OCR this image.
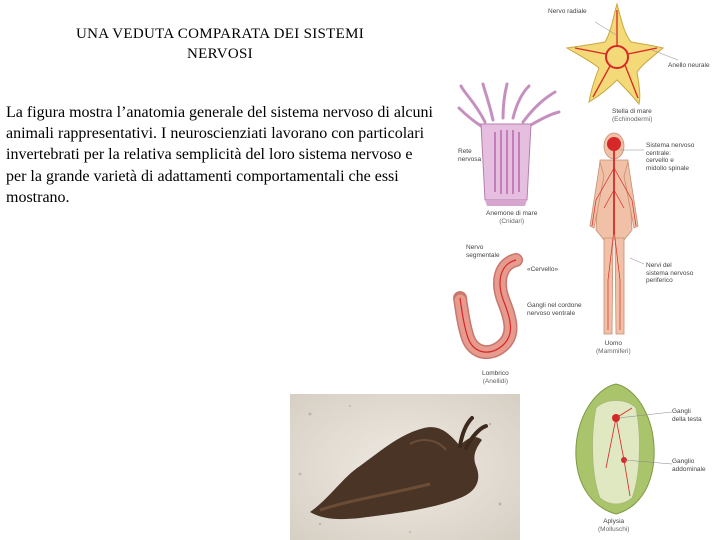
UNA VEDUTA COMPARATA DEI SISTEMI
NERVOSI
La figura mostra l’anatomia generale del sistema nervoso di alcuni animali rappresentativi. I neuroscienziati lavorano con particolari invertebrati per la relativa semplicità del loro sistema nervoso e per la grande varietà di adattamenti comportamentali che essi mostrano.
Nervo radiale
Anello neurale
Stella di mare
(Echinodermi)
Rete
nervosa
Anemone di mare
(Cnidari)
Sistema nervoso
centrale:
cervello e
midollo spinale
Nervi del
sistema nervoso
periferico
Uomo
(Mammiferi)
Nervo
segmentale
«Cervello»
Gangli nel cordone
nervoso ventrale
Lombrico
(Anellidi)
Gangli
della testa
Ganglio
addominale
Aplysia
(Molluschi)
